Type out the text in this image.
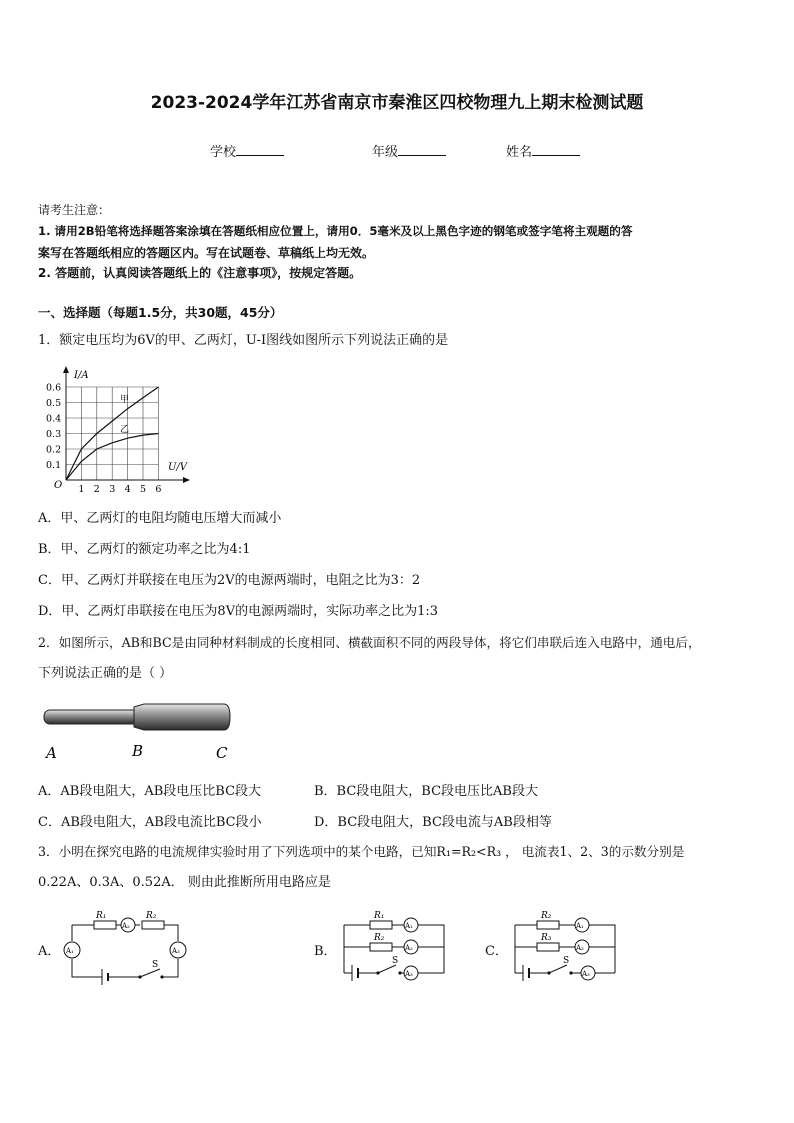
2023-2024学年江苏省南京市秦淮区四校物理九上期末检测试题
学校	年级	姓名
请考生注意：
1. 请用2B铅笔将选择题答案涂填在答题纸相应位置上，请用0．5毫米及以上黑色字迹的钢笔或签字笔将主观题的答
案写在答题纸相应的答题区内。写在试题卷、草稿纸上均无效。
2. 答题前，认真阅读答题纸上的《注意事项》，按规定答题。
一、选择题（每题1.5分，共30题，45分）
1．额定电压均为6V的甲、乙两灯，U-I图线如图所示下列说法正确的是
I/A
U/V
O
0.6
0.5
0.4
0.3
0.2
0.1
1 2 3 4 5 6
甲
乙
A．甲、乙两灯的电阻均随电压增大而减小
B．甲、乙两灯的额定功率之比为4:1
C．甲、乙两灯并联接在电压为2V的电源两端时，电阻之比为3：2
D．甲、乙两灯串联接在电压为8V的电源两端时，实际功率之比为1:3
2．如图所示，AB和BC是由同种材料制成的长度相同、横截面积不同的两段导体，将它们串联后连入电路中，通电后，
下列说法正确的是（ ）
A	B	C
A．AB段电阻大，AB段电压比BC段大	B．BC段电阻大，BC段电压比AB段大
C．AB段电阻大，AB段电流比BC段小	D．BC段电阻大，BC段电流与AB段相等
3．小明在探究电路的电流规律实验时用了下列选项中的某个电路，已知R₁=R₂<R₃ ， 电流表1、2、3的示数分别是
0.22A、0.3A、0.52A． 则由此推断所用电路应是
A．
R₁	R₂
A₂
A₁	A₃
S
B．
R₁
R₂
A₁
A₂
A₃
S
C．
R₂
R₃
A₁
A₂
A₃
S
